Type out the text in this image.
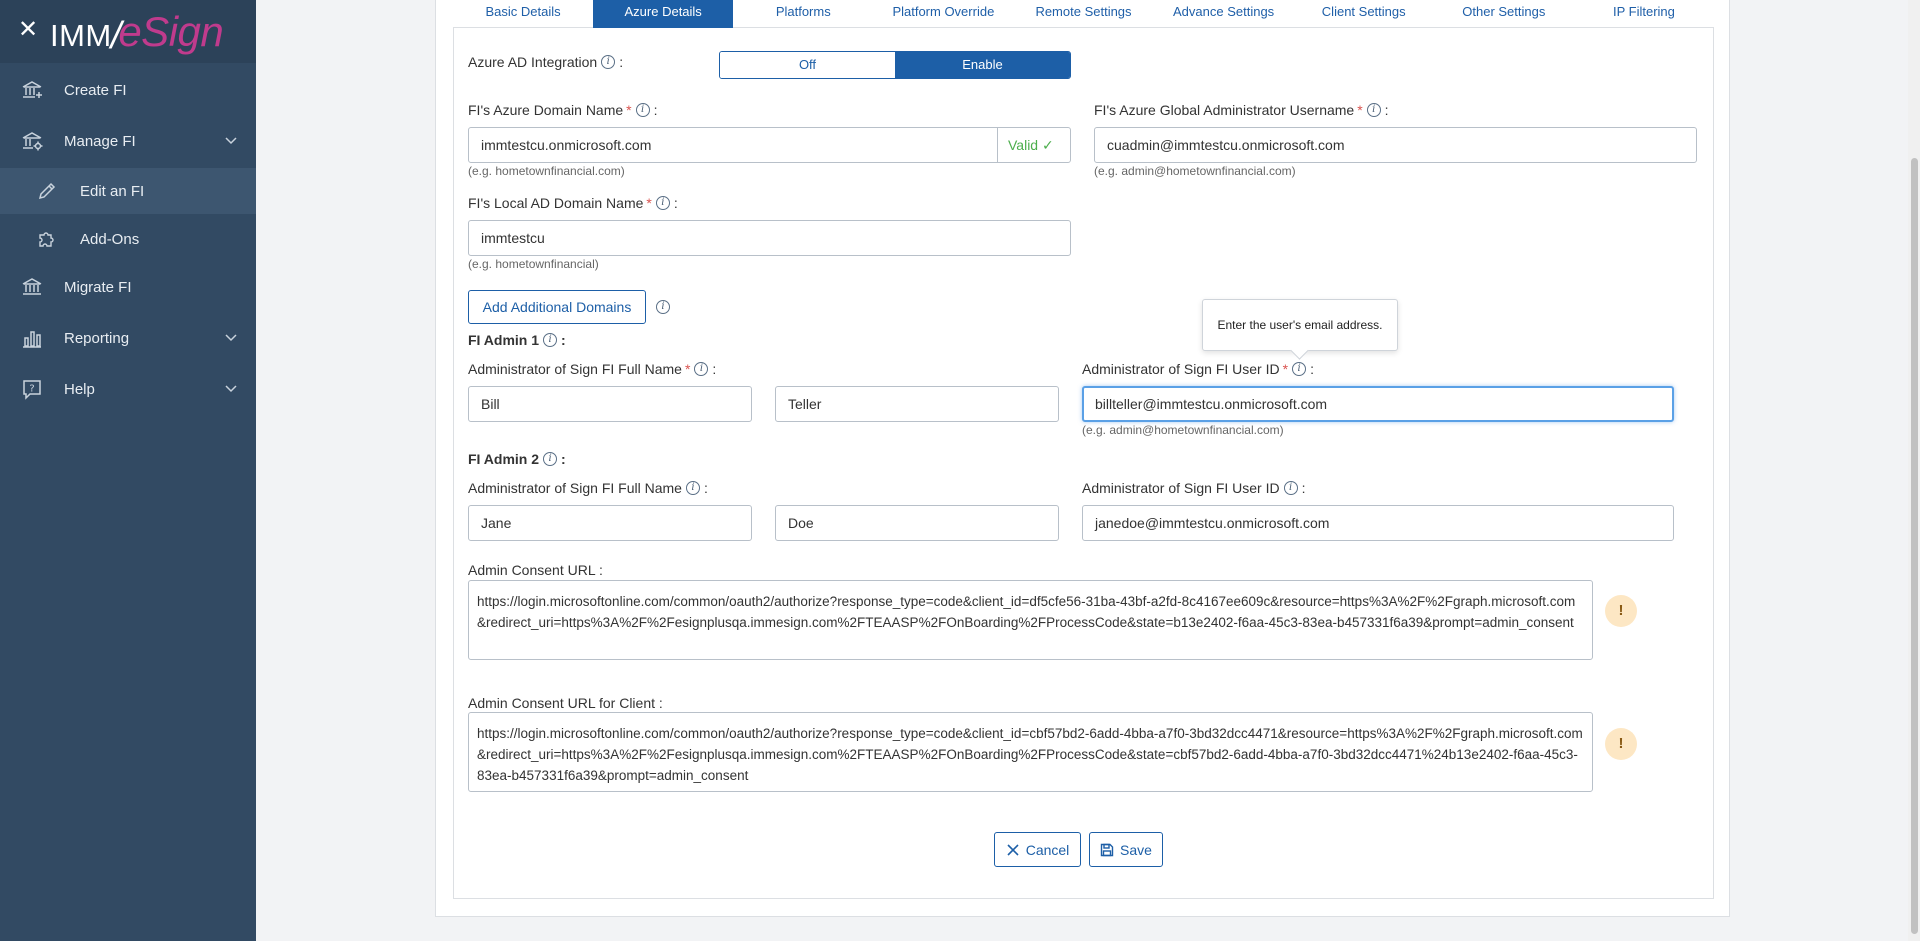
✕ IMM /
eSign
Create FI
Manage FI
Edit an FI
Add-Ons
Migrate FI
Reporting
? Help
Basic Details	Azure Details	Platforms	Platform Override	Remote Settings	Advance Settings	Client Settings	Other Settings	IP Filtering
Azure AD Integration i :	Off	Enable
FI's Azure Domain Name * i :
immtestcu.onmicrosoft.com	Valid ✓
(e.g. hometownfinancial.com)
FI's Azure Global Administrator Username * i :
cuadmin@immtestcu.onmicrosoft.com
(e.g. admin@hometownfinancial.com)
FI's Local AD Domain Name * i :
immtestcu
(e.g. hometownfinancial)
Add Additional Domains	i
FI Admin 1 i :
Administrator of Sign FI Full Name * i :
Bill	Teller
Enter the user's email address.
Administrator of Sign FI User ID * i :
billteller@immtestcu.onmicrosoft.com
(e.g. admin@hometownfinancial.com)
FI Admin 2 i :
Administrator of Sign FI Full Name i :
Jane	Doe
Administrator of Sign FI User ID i :
janedoe@immtestcu.onmicrosoft.com
Admin Consent URL :
https://login.microsoftonline.com/common/oauth2/authorize?response_type=code&client_id=df5cfe56-31ba-43bf-a2fd-8c4167ee609c&resource=https%3A%2F%2Fgraph.microsoft.com&redirect_uri=https%3A%2F%2Fesignplusqa.immesign.com%2FTEAASP%2FOnBoarding%2FProcessCode&state=b13e2402-f6aa-45c3-83ea-b457331f6a39&prompt=admin_consent
!
Admin Consent URL for Client :
https://login.microsoftonline.com/common/oauth2/authorize?response_type=code&client_id=cbf57bd2-6add-4bba-a7f0-3bd32dcc4471&resource=https%3A%2F%2Fgraph.microsoft.com&redirect_uri=https%3A%2F%2Fesignplusqa.immesign.com%2FTEAASP%2FOnBoarding%2FProcessCode&state=cbf57bd2-6add-4bba-a7f0-3bd32dcc4471%24b13e2402-f6aa-45c3-83ea-b457331f6a39&prompt=admin_consent
!
Cancel	Save
